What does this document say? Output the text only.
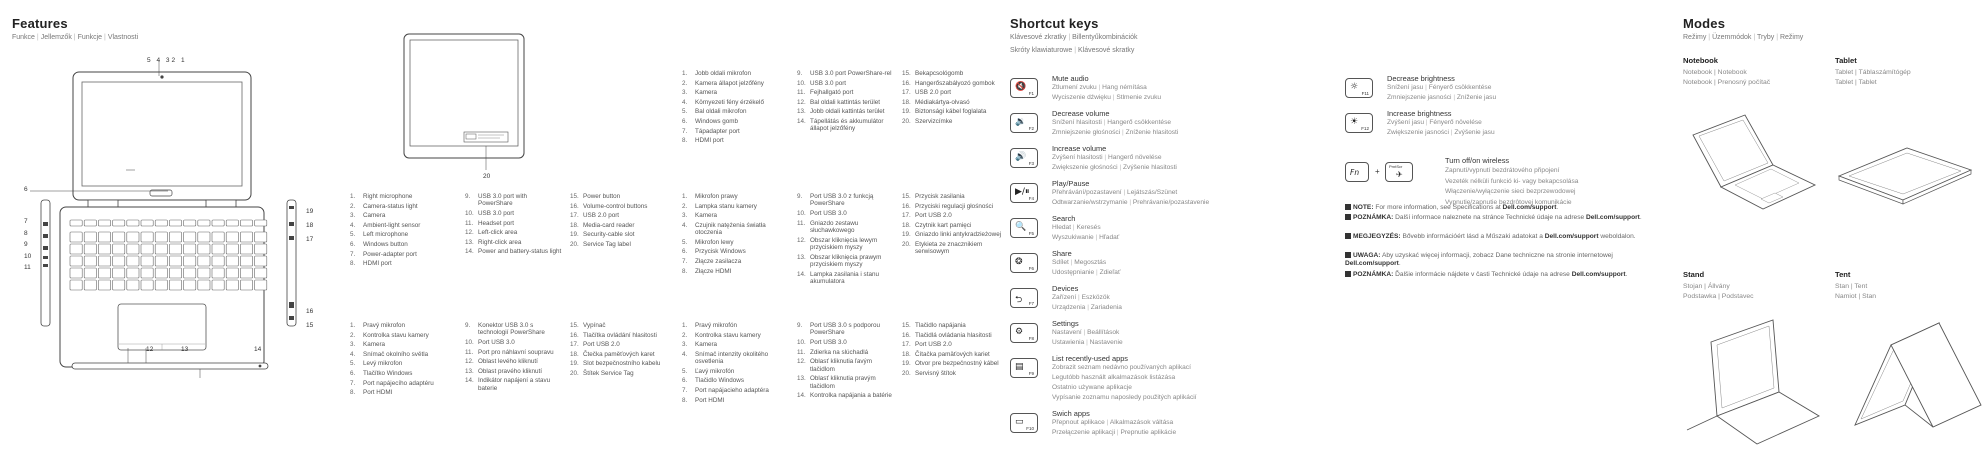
Features
Funkce | Jellemzők | Funkcje | Vlastnosti
5 4 32 1
6
12	13	14
7
8
9
10
11
19
18
17
16
15
20
1.	Right microphone
2.	Camera-status light
3.	Camera
4.	Ambient-light sensor
5.	Left microphone
6.	Windows button
7.	Power-adapter port
8.	HDMI port
9.	USB 3.0 port with PowerShare
10. USB 3.0 port
11. Headset port
12. Left-click area
13. Right-click area
14. Power and battery-status light
15. Power button
16. Volume-control buttons
17. USB 2.0 port
18. Media-card reader
19. Security-cable slot
20. Service Tag label
1.	Pravý mikrofon
2.	Kontrolka stavu kamery
3.	Kamera
4.	Snímač okolního světla
5.	Levý mikrofon
6.	Tlačítko Windows
7.	Port napájecího adaptéru
8.	Port HDMI
9.	Konektor USB 3.0 s technologií PowerShare
10. Port USB 3.0
11. Port pro náhlavní soupravu
12. Oblast levého kliknutí
13. Oblast pravého kliknutí
14. Indikátor napájení a stavu baterie
15. Vypínač
16. Tlačítka ovládání hlasitosti
17. Port USB 2.0
18. Čtečka paměťových karet
19. Slot bezpečnostního kabelu
20. Štítek Service Tag
1.	Jobb oldali mikrofon
2.	Kamera állapot jelzőfény
3.	Kamera
4.	Környezeti fény érzékelő
5.	Bal oldali mikrofon
6.	Windows gomb
7.	Tápadapter port
8.	HDMI port
9.	USB 3.0 port PowerShare-rel
10. USB 3.0 port
11. Fejhallgató port
12. Bal oldali kattintás terület
13. Jobb oldali kattintás terület
14. Tápellátás és akkumulátor állapot jelzőfény
15. Bekapcsológomb
16. Hangerőszabályozó gombok
17. USB 2.0 port
18. Médiakártya-olvasó
19. Biztonsági kábel foglalata
20. Szervizcímke
1.	Mikrofon prawy
2.	Lampka stanu kamery
3.	Kamera
4.	Czujnik natężenia światła otoczenia
5.	Mikrofon lewy
6.	Przycisk Windows
7.	Złącze zasilacza
8.	Złącze HDMI
9.	Port USB 3.0 z funkcją PowerShare
10. Port USB 3.0
11. Gniazdo zestawu słuchawkowego
12. Obszar kliknięcia lewym przyciskiem myszy
13. Obszar kliknięcia prawym przyciskiem myszy
14. Lampka zasilania i stanu akumulatora
15. Przycisk zasilania
16. Przyciski regulacji głośności
17. Port USB 2.0
18. Czytnik kart pamięci
19. Gniazdo linki antykradzieżowej
20. Etykieta ze znacznikiem serwisowym
1.	Pravý mikrofón
2.	Kontrolka stavu kamery
3.	Kamera
4.	Snímač intenzity okolitého osvetlenia
5.	Ľavý mikrofón
6.	Tlačidlo Windows
7.	Port napájacieho adaptéra
8.	Port HDMI
9.	Port USB 3.0 s podporou PowerShare
10. Port USB 3.0
11. Zdierka na slúchadlá
12. Oblasť kliknutia ľavým tlačidlom
13. Oblasť kliknutia pravým tlačidlom
14. Kontrolka napájania a batérie
15. Tlačidlo napájania
16. Tlačidlá ovládania hlasitosti
17. Port USB 2.0
18. Čítačka pamäťových kariet
19. Otvor pre bezpečnostný kábel
20. Servisný štítok
Shortcut keys
Klávesové zkratky | Billentyűkombinációk
Skróty klawiaturowe | Klávesové skratky
🔇
F1
Mute audio
Ztlumení zvuku | Hang némítása
Wyciszenie dźwięku | Stlmenie zvuku
🔉
F2
Decrease volume
Snížení hlasitosti | Hangerő csökkentése
Zmniejszenie głośności | Zníženie hlasitosti
🔊
F3
Increase volume
Zvýšení hlasitosti | Hangerő növelése
Zwiększenie głośności | Zvýšenie hlasitosti
▶/⏸
F4
Play/Pause
Přehrávání/pozastavení | Lejátszás/Szünet
Odtwarzanie/wstrzymanie | Prehrávanie/pozastavenie
🔍
F5
Search
Hledat | Keresés
Wyszukiwanie | Hľadať
❂
F6
Share
Sdílet | Megosztás
Udostępnianie | Zdieľať
⮌ F7
Devices
Zařízení | Eszközök
Urządzenia | Zariadenia
⚙
F8
Settings
Nastavení | Beállítások
Ustawienia | Nastavenie
▤
F9
List recently-used apps
Zobrazit seznam nedávno používaných aplikací
Legutóbb használt alkalmazások listázása
Ostatnio używane aplikacje
Vypísanie zoznamu naposledy použitých aplikácií
▭
F10
Swich apps
Přepnout aplikace | Alkalmazások váltása
Przełączenie aplikacji | Prepnutie aplikácie
☼
F11
Decrease brightness
Snížení jasu | Fényerő csökkentése
Zmniejszenie jasności | Zníženie jasu
☀
F12
Increase brightness
Zvýšení jasu | Fényerő növelése
Zwiększenie jasności | Zvýšenie jasu
Fn +
PrntScr
✈
Turn off/on wireless
Zapnutí/vypnutí bezdrátového připojení
Vezeték nélküli funkció ki- vagy bekapcsolása
Włączenie/wyłączenie sieci bezprzewodowej
Vypnutie/zapnutie bezdrôtovej komunikácie
NOTE: For more information, see Specifications at Dell.com/support.
POZNÁMKA: Další informace naleznete na stránce Technické údaje na adrese Dell.com/support.
MEGJEGYZÉS: Bővebb információért lásd a Műszaki adatokat a Dell.com/support weboldalon.
UWAGA: Aby uzyskać więcej informacji, zobacz Dane techniczne na stronie internetowej Dell.com/support.
POZNÁMKA: Ďalšie informácie nájdete v časti Technické údaje na adrese Dell.com/support.
Modes
Režimy | Üzemmódok | Tryby | Režimy
Notebook
Notebook | Notebook
Notebook | Prenosný počítač
Tablet
Tablet | Táblaszámítógép
Tablet | Tablet
Stand
Stojan | Állvány
Podstawka | Podstavec
Tent
Stan | Tent
Namiot | Stan
